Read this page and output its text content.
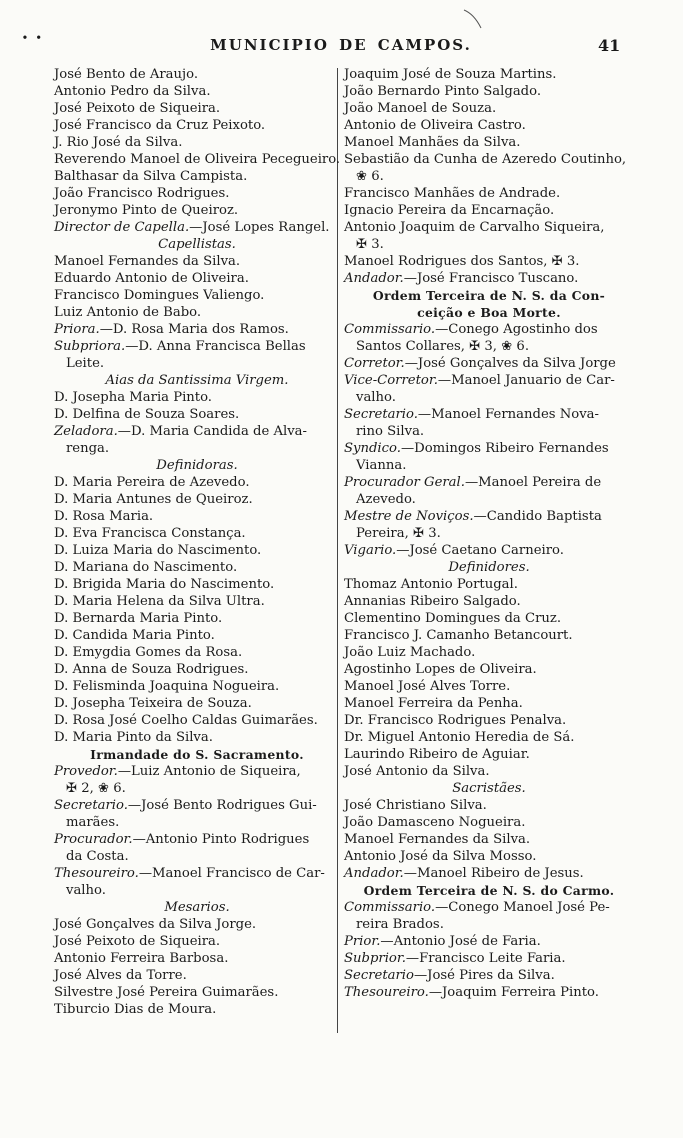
∙ ∙	MUNICIPIO DE CAMPOS.	41
José Bento de Araujo.
Antonio Pedro da Silva.
José Peixoto de Siqueira.
José Francisco da Cruz Peixoto.
J. Rio José da Silva.
Reverendo Manoel de Oliveira Pecegueiro.
Balthasar da Silva Campista.
João Francisco Rodrigues.
Jeronymo Pinto de Queiroz.
Director de Capella.—José Lopes Rangel.
Capellistas.
Manoel Fernandes da Silva.
Eduardo Antonio de Oliveira.
Francisco Domingues Valiengo.
Luiz Antonio de Babo.
Priora.—D. Rosa Maria dos Ramos.
Subpriora.—D. Anna Francisca Bellas
Leite.
Aias da Santissima Virgem.
D. Josepha Maria Pinto.
D. Delfina de Souza Soares.
Zeladora.—D. Maria Candida de Alva-
renga.
Definidoras.
D. Maria Pereira de Azevedo.
D. Maria Antunes de Queiroz.
D. Rosa Maria.
D. Eva Francisca Constança.
D. Luiza Maria do Nascimento.
D. Mariana do Nascimento.
D. Brigida Maria do Nascimento.
D. Maria Helena da Silva Ultra.
D. Bernarda Maria Pinto.
D. Candida Maria Pinto.
D. Emygdia Gomes da Rosa.
D. Anna de Souza Rodrigues.
D. Felisminda Joaquina Nogueira.
D. Josepha Teixeira de Souza.
D. Rosa José Coelho Caldas Guimarães.
D. Maria Pinto da Silva.
Irmandade do S. Sacramento.
Provedor.—Luiz Antonio de Siqueira,
✠ 2, ❀ 6.
Secretario.—José Bento Rodrigues Gui-
marães.
Procurador.—Antonio Pinto Rodrigues
da Costa.
Thesoureiro.—Manoel Francisco de Car-
valho.
Mesarios.
José Gonçalves da Silva Jorge.
José Peixoto de Siqueira.
Antonio Ferreira Barbosa.
José Alves da Torre.
Silvestre José Pereira Guimarães.
Tiburcio Dias de Moura.
Joaquim José de Souza Martins.
João Bernardo Pinto Salgado.
João Manoel de Souza.
Antonio de Oliveira Castro.
Manoel Manhães da Silva.
Sebastião da Cunha de Azeredo Coutinho,
❀ 6.
Francisco Manhães de Andrade.
Ignacio Pereira da Encarnação.
Antonio Joaquim de Carvalho Siqueira,
✠ 3.
Manoel Rodrigues dos Santos, ✠ 3.
Andador.—José Francisco Tuscano.
Ordem Terceira de N. S. da Con-
ceição e Boa Morte.
Commissario.—Conego Agostinho dos
Santos Collares, ✠ 3, ❀ 6.
Corretor.—José Gonçalves da Silva Jorge
Vice-Corretor.—Manoel Januario de Car-
valho.
Secretario.—Manoel Fernandes Nova-
rino Silva.
Syndico.—Domingos Ribeiro Fernandes
Vianna.
Procurador Geral.—Manoel Pereira de
Azevedo.
Mestre de Noviços.—Candido Baptista
Pereira, ✠ 3.
Vigario.—José Caetano Carneiro.
Definidores.
Thomaz Antonio Portugal.
Annanias Ribeiro Salgado.
Clementino Domingues da Cruz.
Francisco J. Camanho Betancourt.
João Luiz Machado.
Agostinho Lopes de Oliveira.
Manoel José Alves Torre.
Manoel Ferreira da Penha.
Dr. Francisco Rodrigues Penalva.
Dr. Miguel Antonio Heredia de Sá.
Laurindo Ribeiro de Aguiar.
José Antonio da Silva.
Sacristães.
José Christiano Silva.
João Damasceno Nogueira.
Manoel Fernandes da Silva.
Antonio José da Silva Mosso.
Andador.—Manoel Ribeiro de Jesus.
Ordem Terceira de N. S. do Carmo.
Commissario.—Conego Manoel José Pe-
reira Brados.
Prior.—Antonio José de Faria.
Subprior.—Francisco Leite Faria.
Secretario—José Pires da Silva.
Thesoureiro.—Joaquim Ferreira Pinto.
